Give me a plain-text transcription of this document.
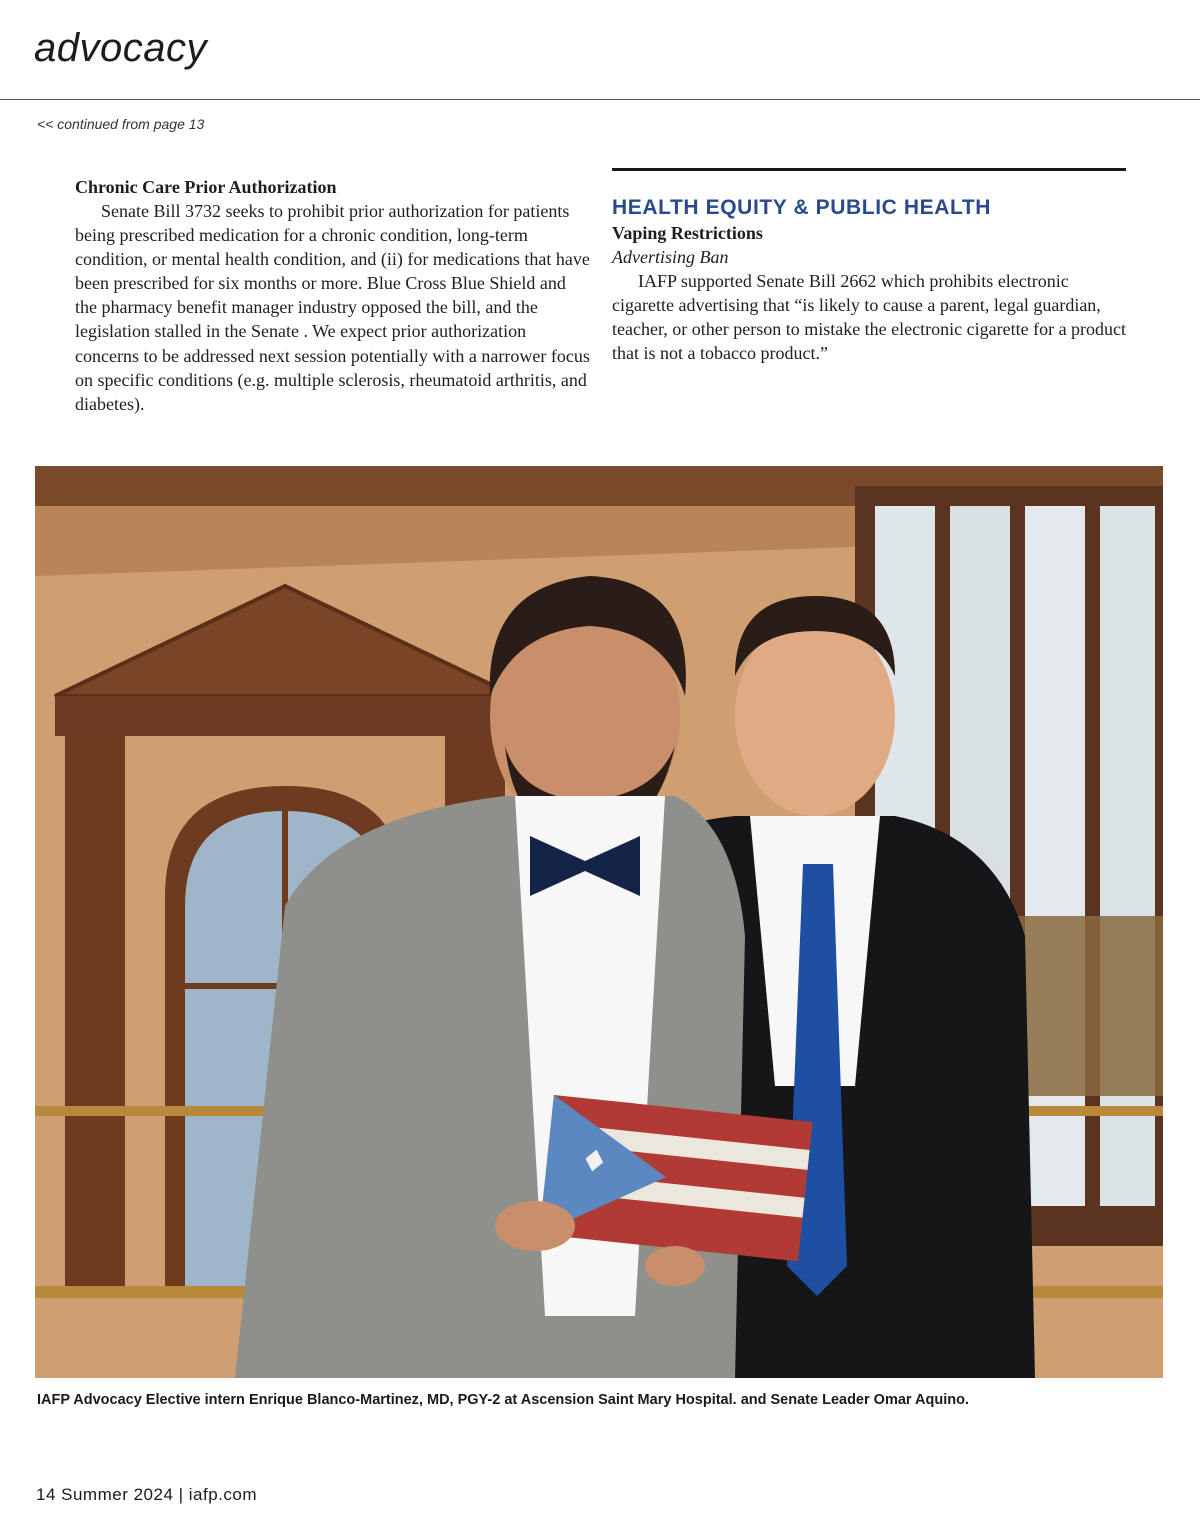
advocacy
<< continued from page 13
Chronic Care Prior Authorization

Senate Bill 3732 seeks to prohibit prior authorization for patients being prescribed medication for a chronic condition, long-term condition, or mental health condition, and (ii) for medications that have been prescribed for six months or more. Blue Cross Blue Shield and the pharmacy benefit manager industry opposed the bill, and the legislation stalled in the Senate . We expect prior authorization concerns to be addressed next session potentially with a narrower focus on specific conditions (e.g. multiple sclerosis, rheumatoid arthritis, and diabetes).

HEALTH EQUITY & PUBLIC HEALTH
Vaping Restrictions
Advertising Ban

IAFP supported Senate Bill 2662 which prohibits electronic cigarette advertising that “is likely to cause a parent, legal guardian, teacher, or other person to mistake the electronic cigarette for a product that is not a tobacco product.”

IAFP Advocacy Elective intern Enrique Blanco-Martinez, MD, PGY-2 at Ascension Saint Mary Hospital. and Senate Leader Omar Aquino.
14 Summer 2024 | iafp.com
